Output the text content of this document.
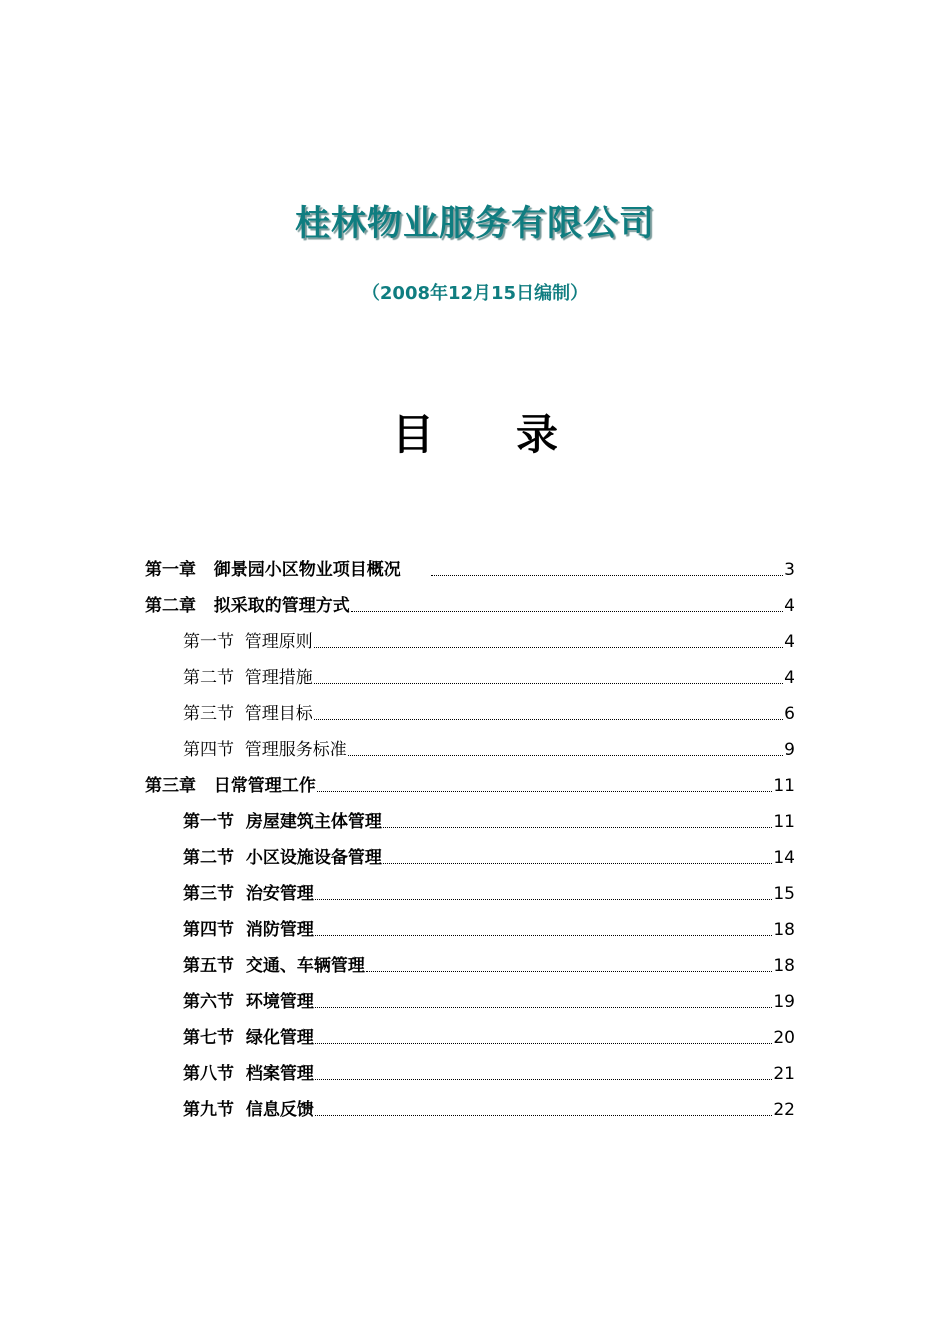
桂林物业服务有限公司
（2008年12月15日编制）
目 录
第一章   御景园小区物业项目概况	3
第二章   拟采取的管理方式	4
第一节  管理原则	4
第二节  管理措施	4
第三节  管理目标	6
第四节  管理服务标准	9
第三章   日常管理工作	11
第一节  房屋建筑主体管理	11
第二节  小区设施设备管理	14
第三节  治安管理	15
第四节  消防管理	18
第五节  交通、车辆管理	18
第六节  环境管理	19
第七节  绿化管理	20
第八节  档案管理	21
第九节  信息反馈	22
